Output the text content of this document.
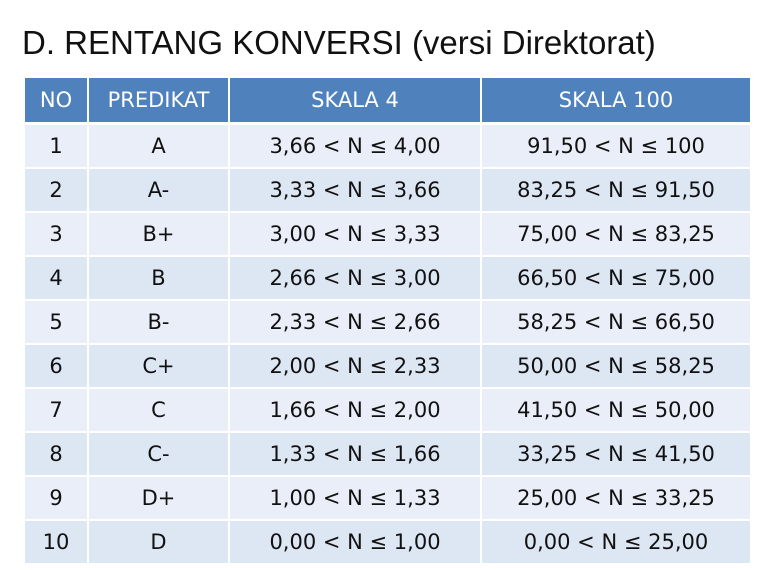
D. RENTANG KONVERSI (versi Direktorat)
NO	PREDIKAT	SKALA 4	SKALA 100
1	A	3,66 < N ≤ 4,00	91,50 < N ≤ 100
2	A-	3,33 < N ≤ 3,66	83,25 < N ≤ 91,50
3	B+	3,00 < N ≤ 3,33	75,00 < N ≤ 83,25
4	B	2,66 < N ≤ 3,00	66,50 < N ≤ 75,00
5	B-	2,33 < N ≤ 2,66	58,25 < N ≤ 66,50
6	C+	2,00 < N ≤ 2,33	50,00 < N ≤ 58,25
7	C	1,66 < N ≤ 2,00	41,50 < N ≤ 50,00
8	C-	1,33 < N ≤ 1,66	33,25 < N ≤ 41,50
9	D+	1,00 < N ≤ 1,33	25,00 < N ≤ 33,25
10	D	0,00 < N ≤ 1,00	0,00 < N ≤ 25,00
